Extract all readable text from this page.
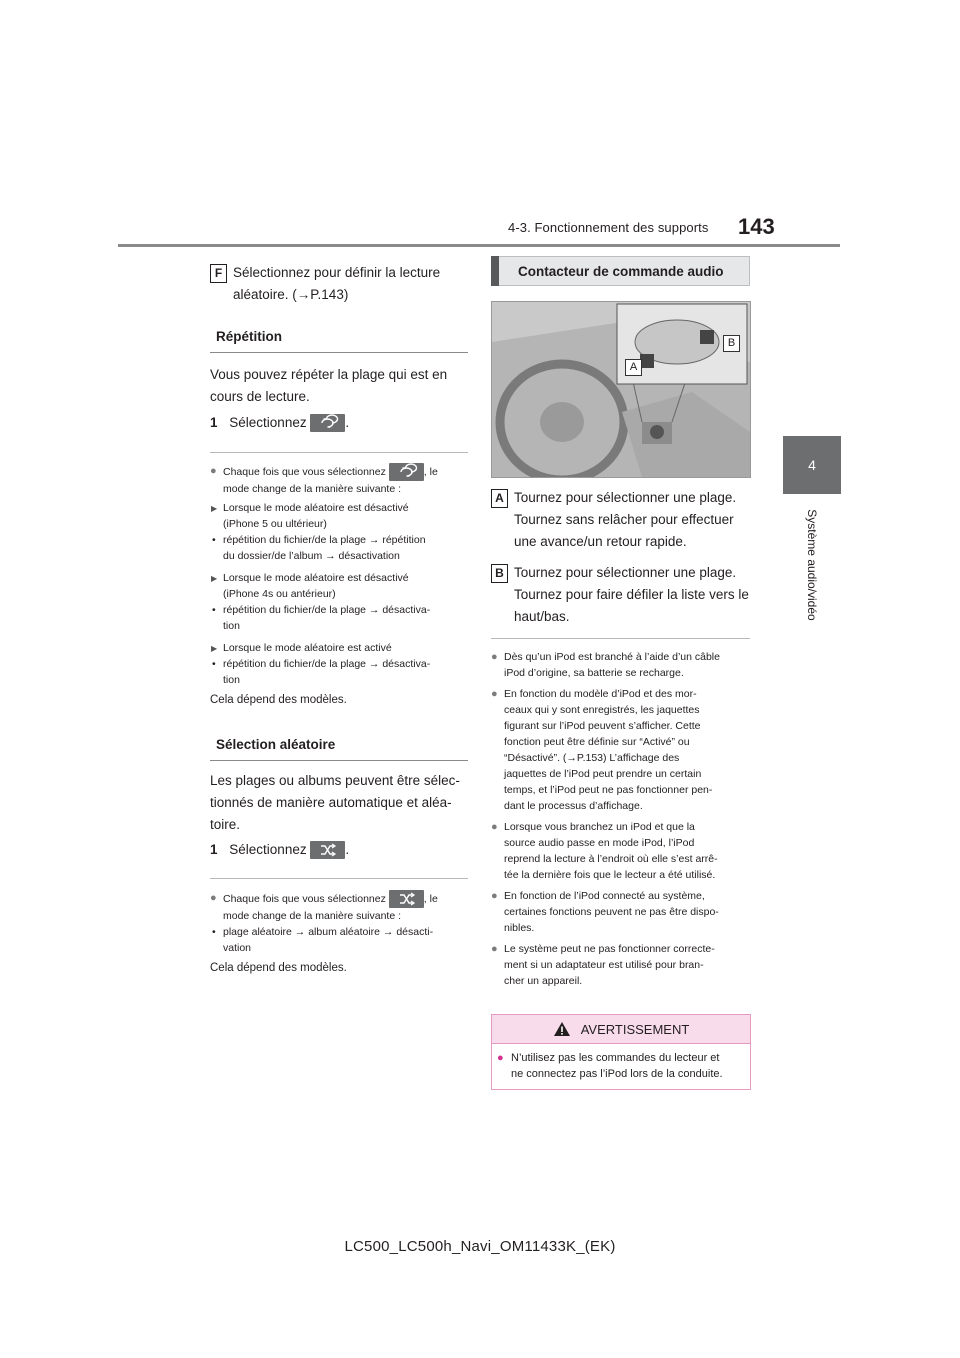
4-3. Fonctionnement des supports 143
4
Système audio/vidéo
F Sélectionnez pour définir la lecture
aléatoire. (→P.143)
Répétition
Vous pouvez répéter la plage qui est en
cours de lecture.
1 Sélectionnez	.
● Chaque fois que vous sélectionnez	, le
mode change de la manière suivante :
▶ Lorsque le mode aléatoire est désactivé
(iPhone 5 ou ultérieur)
• répétition du fichier/de la plage → répétition
du dossier/de l’album → désactivation
▶ Lorsque le mode aléatoire est désactivé
(iPhone 4s ou antérieur)
• répétition du fichier/de la plage → désactiva-
tion
▶ Lorsque le mode aléatoire est activé
• répétition du fichier/de la plage → désactiva-
tion
Cela dépend des modèles.
Sélection aléatoire
Les plages ou albums peuvent être sélec-
tionnés de manière automatique et aléa-
toire.
1 Sélectionnez	.
● Chaque fois que vous sélectionnez	, le
mode change de la manière suivante :
• plage aléatoire → album aléatoire → désacti-
vation
Cela dépend des modèles.
Contacteur de commande audio
A
B
A Tournez pour sélectionner une plage.
Tournez sans relâcher pour effectuer
une avance/un retour rapide.
B Tournez pour sélectionner une plage.
Tournez pour faire défiler la liste vers le
haut/bas.
● Dès qu’un iPod est branché à l’aide d’un câble
iPod d’origine, sa batterie se recharge.
● En fonction du modèle d’iPod et des mor-
ceaux qui y sont enregistrés, les jaquettes
figurant sur l’iPod peuvent s’afficher. Cette
fonction peut être définie sur “Activé” ou
“Désactivé”. (→P.153) L’affichage des
jaquettes de l’iPod peut prendre un certain
temps, et l’iPod peut ne pas fonctionner pen-
dant le processus d’affichage.
● Lorsque vous branchez un iPod et que la
source audio passe en mode iPod, l’iPod
reprend la lecture à l’endroit où elle s’est arrê-
tée la dernière fois que le lecteur a été utilisé.
● En fonction de l’iPod connecté au système,
certaines fonctions peuvent ne pas être dispo-
nibles.
● Le système peut ne pas fonctionner correcte-
ment si un adaptateur est utilisé pour bran-
cher un appareil.
AVERTISSEMENT
● N’utilisez pas les commandes du lecteur et
ne connectez pas l’iPod lors de la conduite.
LC500_LC500h_Navi_OM11433K_(EK)
